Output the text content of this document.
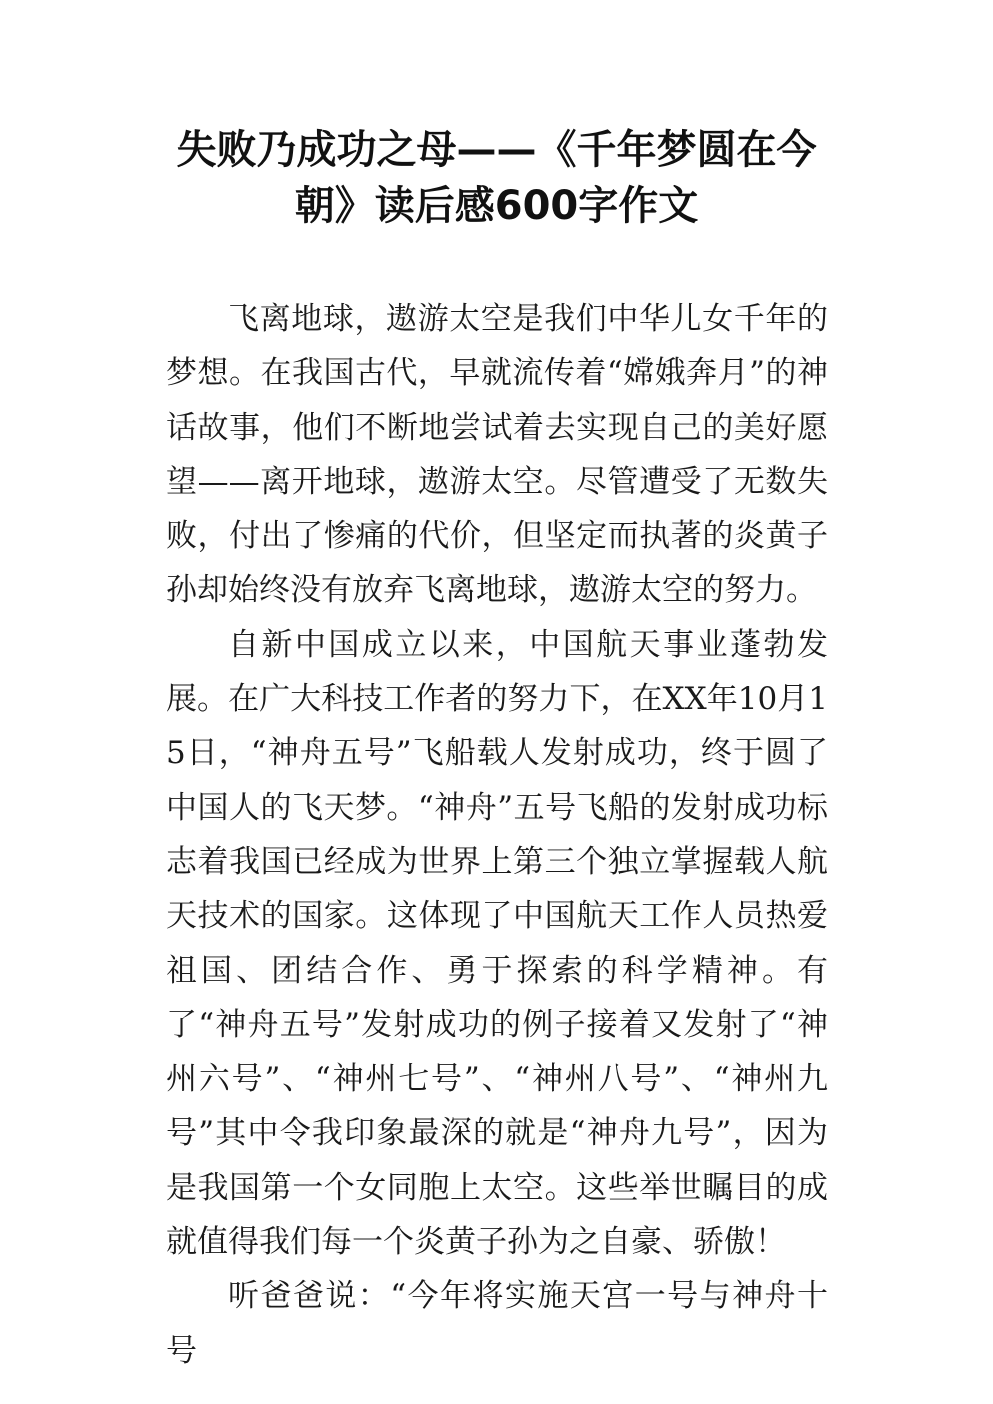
失败乃成功之母——《千年梦圆在今朝》读后感600字作文

飞离地球，遨游太空是我们中华儿女千年的梦想。在我国古代，早就流传着“嫦娥奔月”的神话故事，他们不断地尝试着去实现自己的美好愿望——离开地球，遨游太空。尽管遭受了无数失败，付出了惨痛的代价，但坚定而执著的炎黄子孙却始终没有放弃飞离地球，遨游太空的努力。

自新中国成立以来，中国航天事业蓬勃发展。在广大科技工作者的努力下，在XX年10月15日，“神舟五号”飞船载人发射成功，终于圆了中国人的飞天梦。“神舟”五号飞船的发射成功标志着我国已经成为世界上第三个独立掌握载人航天技术的国家。这体现了中国航天工作人员热爱祖国、团结合作、勇于探索的科学精神。有了“神舟五号”发射成功的例子接着又发射了“神州六号”、“神州七号”、“神州八号”、“神州九号”其中令我印象最深的就是“神舟九号”，因为是我国第一个女同胞上太空。这些举世瞩目的成就值得我们每一个炎黄子孙为之自豪、骄傲！

听爸爸说：“今年将实施天宫一号与神舟十号
